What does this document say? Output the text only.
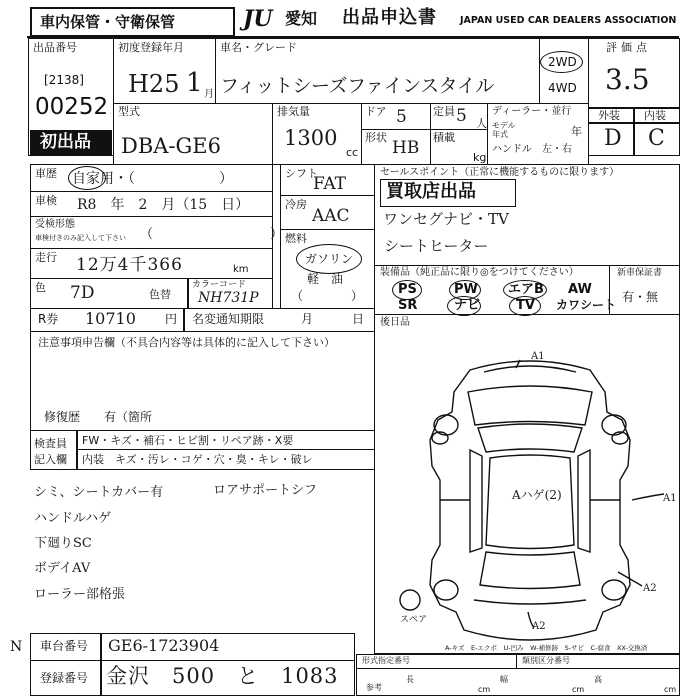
車内保管・守衛保管	JU 愛知 出品申込書 JAPAN USED CAR DEALERS ASSOCIATION
出品番号
[2138]
00252
初出品
初度登録年月
H25 1 月
車名・グレード
フィットシーズファインスタイル
2WD
4WD
評価点
3.5
外装 内装
D C
型式
DBA-GE6
排気量
1300
cc
ドア 5 定員 5 人
形状
HB
積載
kg
ディーラー・並行
モデル
年式	年
ハンドル　左・右
車歴 自家用・（　　　　　　）
車検 R8　年　2　月（15　日）
受検形態
車検付きのみ記入して下さい （　　　　　　　　　）
走行 12万4千366	km
色 7D	色替
カラーコード
NH731P
シフト
FAT
冷房
AAC
燃料
ガソリン
軽　油
（　　　　）
セールスポイント（正常に機能するものに限ります）
買取店出品
ワンセグナビ・TV
シートヒーター
装備品（純正品に限り◎をつけてください）
PS	PW エアB AW
SR	ナビ	TV カワシート
新車保証書
有・無
R券 10710 円 名変通知期限	月	日
注意事項申告欄（不具合内容等は具体的に記入して下さい）
修復歴　　有（箇所
検査員
記入欄
FW・キズ・補石・ヒビ割・リペア跡・X要
内装　キズ・汚レ・コゲ・穴・臭・キレ・破レ
シミ、シートカバー有	ロアサポートシフ
ハンドルハゲ
下廻りSC
ボデイAV
ローラー部格張
後日品
A1
A1
A2
A2
Aハゲ(2)
スペア
A-キズ　E-エクボ　U-凹み　W-補修跡　S-サビ　C-腐食　XX-交換済
N 車台番号 GE6-1723904
登録番号 金沢　500　と　1083
形式指定番号	類別区分番号
参考
長
cm
幅
cm
高
cm
